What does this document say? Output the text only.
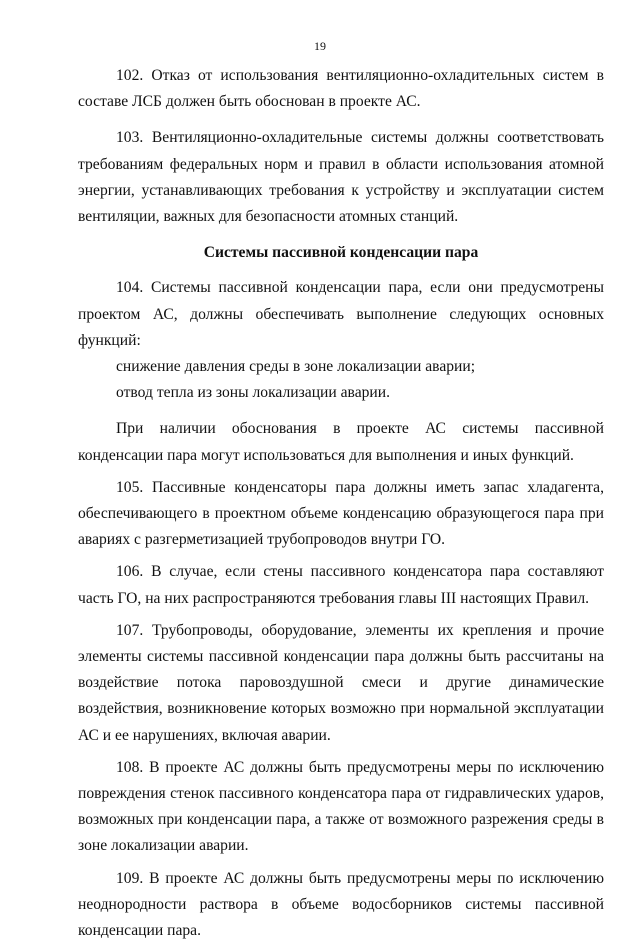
19

102. Отказ от использования вентиляционно-охладительных систем в составе ЛСБ должен быть обоснован в проекте АС.

103. Вентиляционно-охладительные системы должны соответствовать требованиям федеральных норм и правил в области использования атомной энергии, устанавливающих требования к устройству и эксплуатации систем вентиляции, важных для безопасности атомных станций.

Системы пассивной конденсации пара

104. Системы пассивной конденсации пара, если они предусмотрены проектом АС, должны обеспечивать выполнение следующих основных функций:

снижение давления среды в зоне локализации аварии;

отвод тепла из зоны локализации аварии.

При наличии обоснования в проекте АС системы пассивной конденсации пара могут использоваться для выполнения и иных функций.

105. Пассивные конденсаторы пара должны иметь запас хладагента, обеспечивающего в проектном объеме конденсацию образующегося пара при авариях с разгерметизацией трубопроводов внутри ГО.

106. В случае, если стены пассивного конденсатора пара составляют часть ГО, на них распространяются требования главы III настоящих Правил.

107. Трубопроводы, оборудование, элементы их крепления и прочие элементы системы пассивной конденсации пара должны быть рассчитаны на воздействие потока паровоздушной смеси и другие динамические воздействия, возникновение которых возможно при нормальной эксплуатации АС и ее нарушениях, включая аварии.

108. В проекте АС должны быть предусмотрены меры по исключению повреждения стенок пассивного конденсатора пара от гидравлических ударов, возможных при конденсации пара, а также от возможного разрежения среды в зоне локализации аварии.

109. В проекте АС должны быть предусмотрены меры по исключению неоднородности раствора в объеме водосборников системы пассивной конденсации пара.
